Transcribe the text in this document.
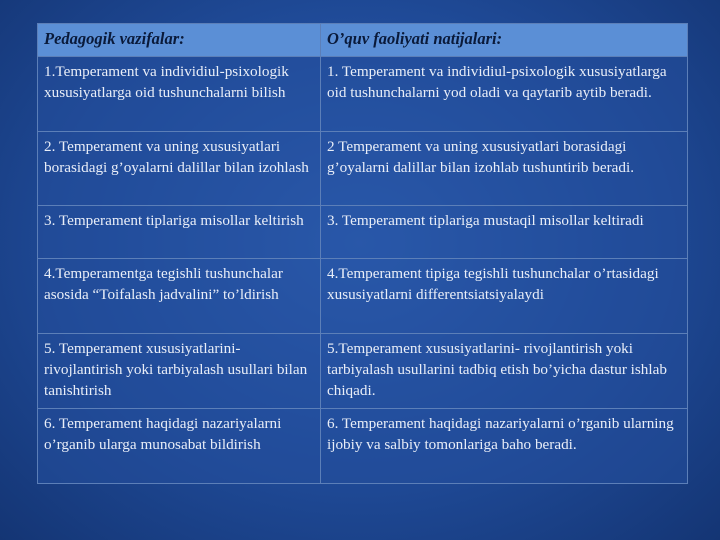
Pedagogik vazifalar:	O’quv faoliyati natijalari:
1.Temperament va individiul-psixologik xususiyatlarga oid tushunchalarni bilish	1. Temperament va individiul-psixologik xususiyatlarga oid tushunchalarni yod oladi va qaytarib aytib beradi.
2. Temperament va uning xususiyatlari borasidagi g’oyalarni dalillar bilan izohlash	2 Temperament va uning xususiyatlari borasidagi g’oyalarni dalillar bilan izohlab tushuntirib beradi.
3. Temperament tiplariga misollar keltirish	3. Temperament tiplariga mustaqil misollar keltiradi
4.Temperamentga tegishli tushunchalar asosida “Toifalash jadvalini” to’ldirish	4.Temperament tipiga tegishli tushunchalar o’rtasidagi xususiyatlarni differentsiatsiyalaydi
5. Temperament xususiyatlarini-rivojlantirish yoki tarbiyalash usullari bilan tanishtirish	5.Temperament xususiyatlarini- rivojlantirish yoki tarbiyalash usullarini tadbiq etish bo’yicha dastur ishlab chiqadi.
6. Temperament haqidagi nazariyalarni o’rganib ularga munosabat bildirish	6. Temperament haqidagi nazariyalarni o’rganib ularning ijobiy va salbiy tomonlariga baho beradi.
